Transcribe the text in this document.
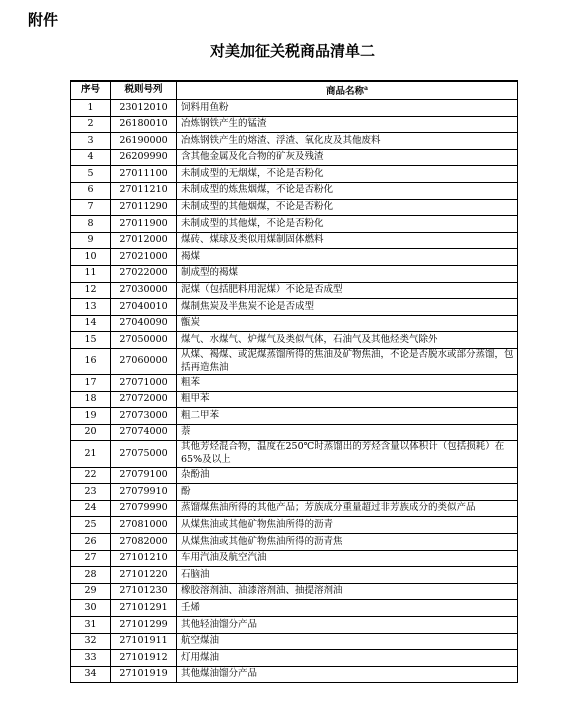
附件
对美加征关税商品清单二
序号	税则号列	商品名称$^a$
1	23012010	饲料用鱼粉
2	26180010	冶炼钢铁产生的锰渣
3	26190000	冶炼钢铁产生的熔渣、浮渣、氧化皮及其他废料
4	26209990	含其他金属及化合物的矿灰及残渣
5	27011100	未制成型的无烟煤，不论是否粉化
6	27011210	未制成型的炼焦烟煤，不论是否粉化
7	27011290	未制成型的其他烟煤，不论是否粉化
8	27011900	未制成型的其他煤，不论是否粉化
9	27012000	煤砖、煤球及类似用煤制固体燃料
10	27021000	褐煤
11	27022000	制成型的褐煤
12	27030000	泥煤（包括肥料用泥煤）不论是否成型
13	27040010	煤制焦炭及半焦炭不论是否成型
14	27040090	甑炭
15	27050000	煤气、水煤气、炉煤气及类似气体，石油气及其他烃类气除外
16	27060000	从煤、褐煤、或泥煤蒸馏所得的焦油及矿物焦油，不论是否脱水或部分蒸馏，包括再造焦油
17	27071000	粗苯
18	27072000	粗甲苯
19	27073000	粗二甲苯
20	27074000	萘
21	27075000	其他芳烃混合物，温度在250℃时蒸馏出的芳烃含量以体积计（包括损耗）在65%及以上
22	27079100	杂酚油
23	27079910	酚
24	27079990	蒸馏煤焦油所得的其他产品；芳族成分重量超过非芳族成分的类似产品
25	27081000	从煤焦油或其他矿物焦油所得的沥青
26	27082000	从煤焦油或其他矿物焦油所得的沥青焦
27	27101210	车用汽油及航空汽油
28	27101220	石脑油
29	27101230	橡胶溶剂油、油漆溶剂油、抽提溶剂油
30	27101291	壬烯
31	27101299	其他轻油馏分产品
32	27101911	航空煤油
33	27101912	灯用煤油
34	27101919	其他煤油馏分产品
